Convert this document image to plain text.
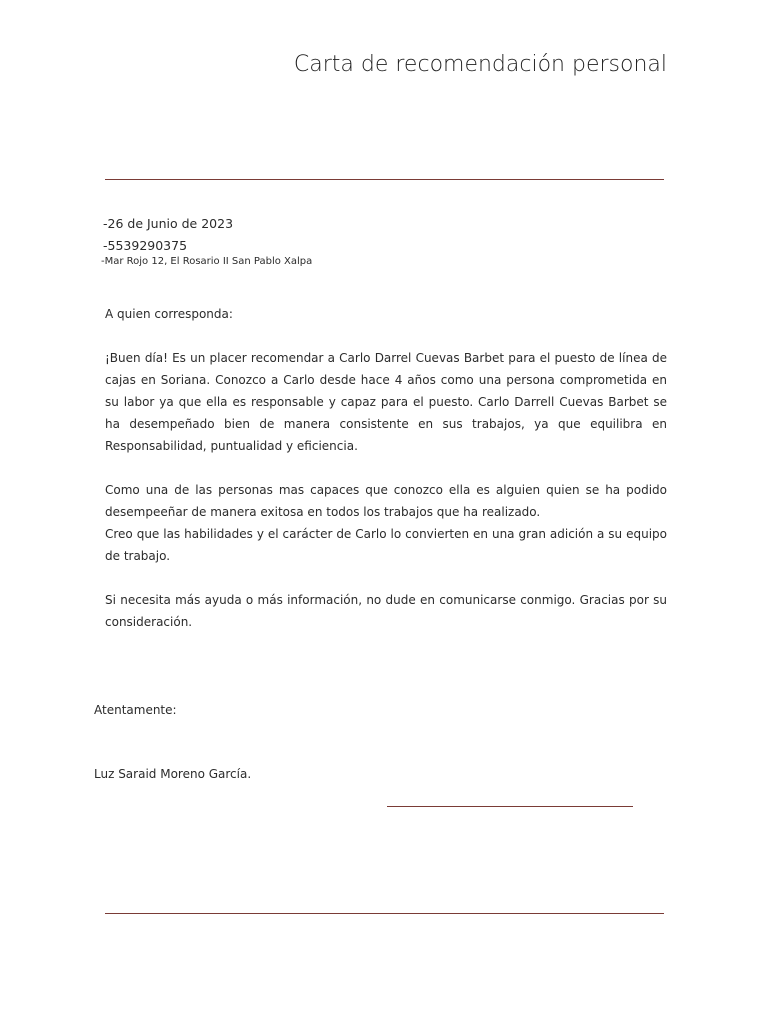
Carta de recomendación personal
-26 de Junio de 2023
-5539290375
-Mar Rojo 12, El Rosario II San Pablo Xalpa

A quien corresponda:

¡Buen día! Es un placer recomendar a Carlo Darrel Cuevas Barbet para el puesto de línea de cajas en Soriana. Conozco a Carlo desde hace 4 años como una persona comprometida en su labor ya que ella es responsable y capaz para el puesto. Carlo Darrell Cuevas Barbet se ha desempeñado bien de manera consistente en sus trabajos, ya que equilibra en Responsabilidad, puntualidad y eficiencia.

Como una de las personas mas capaces que conozco ella es alguien quien se ha podido desempeeñar de manera exitosa en todos los trabajos que ha realizado.
Creo que las habilidades y el carácter de Carlo lo convierten en una gran adición a su equipo de trabajo.

Si necesita más ayuda o más información, no dude en comunicarse conmigo. Gracias por su consideración.

Atentamente:
Luz Saraid Moreno García.
